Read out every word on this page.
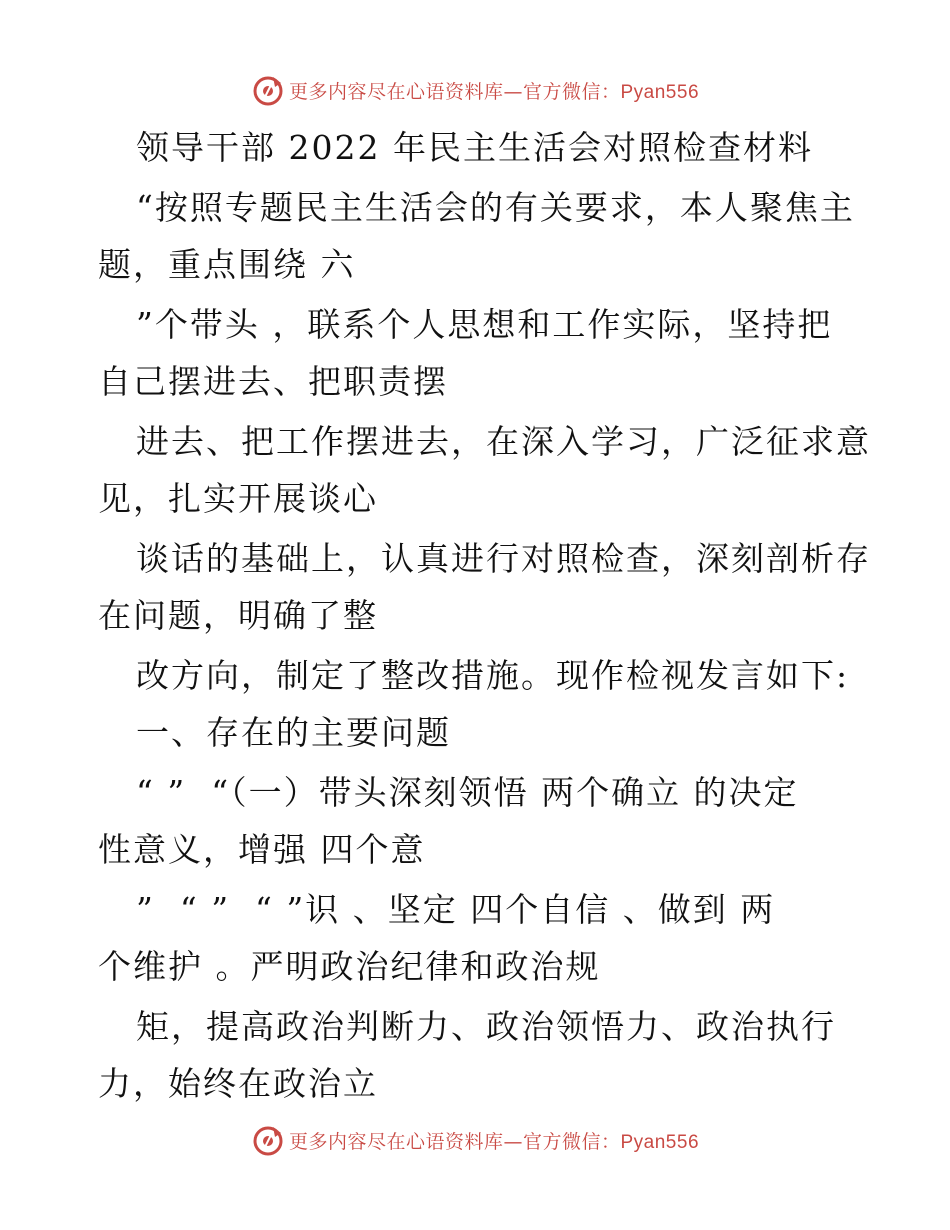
更多内容尽在心语资料库—官方微信：Pyan556
领导干部 2022 年民主生活会对照检查材料
“按照专题民主生活会的有关要求，本人聚焦主
题，重点围绕 六
”个带头 ，联系个人思想和工作实际，坚持把
自己摆进去、把职责摆
进去、把工作摆进去，在深入学习，广泛征求意
见，扎实开展谈心
谈话的基础上，认真进行对照检查，深刻剖析存
在问题，明确了整
改方向，制定了整改措施。现作检视发言如下:
一、存在的主要问题
“ ”  “（一）带头深刻领悟 两个确立 的决定
性意义，增强 四个意
”  “ ”  “ ”识 、坚定 四个自信 、做到 两
个维护 。严明政治纪律和政治规
矩，提高政治判断力、政治领悟力、政治执行
力，始终在政治立
更多内容尽在心语资料库—官方微信：Pyan556
